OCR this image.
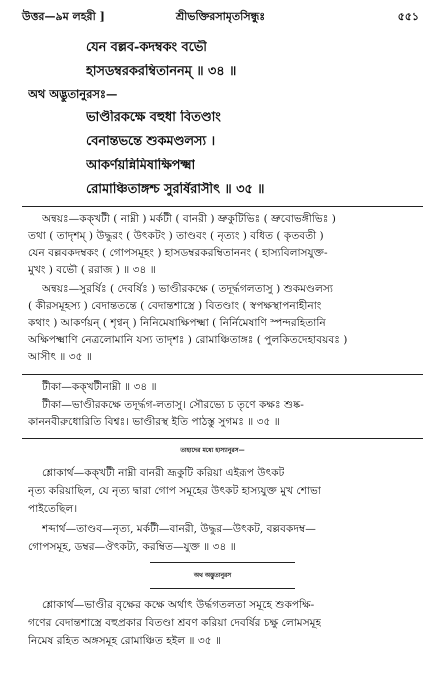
উত্তর—৯ম লহরী ]	শ্রীভক্তিরসামৃতসিন্ধুঃ	৫৫১
যেন বল্লব-কদম্বকং বভৌ
হাসডম্বরকরম্বিতাননম্ ॥ ৩৪ ॥
অথ অদ্ভুতানুরসঃ—
ভাণ্ডীরকক্ষে বহুধা বিতণ্ডাং
বেনান্তভন্তে শুকমণ্ডলস্য ।
আকর্ণয়ন্নিমিষাক্ষিপক্ষ্মা
রোমাঞ্চিতাঙ্গশ্চ সুরর্ষিরাসীৎ ॥ ৩৫ ॥
অন্বয়ঃ—কক্খটী ( নাম্নী ) মর্কটী ( বানরী ) ভ্রুকুটিভিঃ ( ভ্রুবোভঙ্গীভিঃ )
তথা ( তাদৃশম্ ) উদ্ধুরং ( উৎকটং ) তাণ্ডবং ( নৃত্যং ) বধিত ( কৃতবতী )
যেন বল্লবকদম্বকং ( গোপসমূহং ) হাসডম্বরকরম্বিতাননং ( হাস্যবিলাসযুক্ত-
মুখং ) বভৌ ( ররাজ ) ॥ ৩৪ ॥
অন্বয়ঃ—সুরর্ষিঃ ( দেবর্ষিঃ ) ভাণ্ডীরকক্ষে ( তদূর্দ্ধগলতাসু ) শুকমণ্ডলস্য
( কীরসমূহস্য ) বেদান্ততন্তে ( বেদান্তশাস্ত্রে ) বিতণ্ডাং ( স্বপক্ষস্থাপনাহীনাং
কথাং ) আকর্ণয়ন্ ( শৃণ্বন্ ) নিনিমেষাক্ষিপক্ষ্মা ( নির্নিমেষাণি স্পন্দরহিতানি
অক্ষিপক্ষ্মাণি নেত্রলোমানি যস্য তাদৃশঃ ) রোমাঞ্চিতাঙ্গঃ ( পুলকিতদেহাবয়বঃ )
আসীৎ ॥ ৩৫ ॥
টীকা—কক্খটীনাম্নী ॥ ৩৪ ॥
টীকা—ভাণ্ডীরকক্ষে তদূর্দ্ধগ-লতাসু। সৌরভ্যে চ তৃণে কক্ষঃ শুষ্ক-
কাননবীরুধোরিতি বিশ্বঃ। ভাণ্ডীরস্থ ইতি পাঠস্তু সুগমঃ ॥ ৩৫ ॥
তাহাদের মধ্যে হাস্যানুরস—
শ্লোকার্থ—কক্খটী নাম্নী বানরী ভ্রূকুটি করিয়া এইরূপ উৎকট
নৃত্য করিয়াছিল, যে নৃত্য দ্বারা গোপ সমূহের উৎকট হাস্যযুক্ত মুখ শোভা
পাইতেছিল।
শব্দার্থ—তাণ্ডব—নৃত্য, মর্কটী—বানরী, উদ্ধুর—উৎকট, বল্লবকদম্ব—
গোপসমূহ, ডম্বর—ঔৎকট্য, করম্বিত—যুক্ত ॥ ৩৪ ॥
অথ অদ্ভুতানুরস
শ্লোকার্থ—ভাণ্ডীর বৃক্ষের কক্ষে অর্থাৎ উর্দ্ধগতলতা সমূহে শুকপক্ষি-
গণের বেদান্তশাস্ত্রে বহুপ্রকার বিতণ্ডা শ্রবণ করিয়া দেবর্ষির চক্ষু লোমসমূহ
নিমেষ রহিত অঙ্গসমূহ রোমাঞ্চিত হইল ॥ ৩৫ ॥
